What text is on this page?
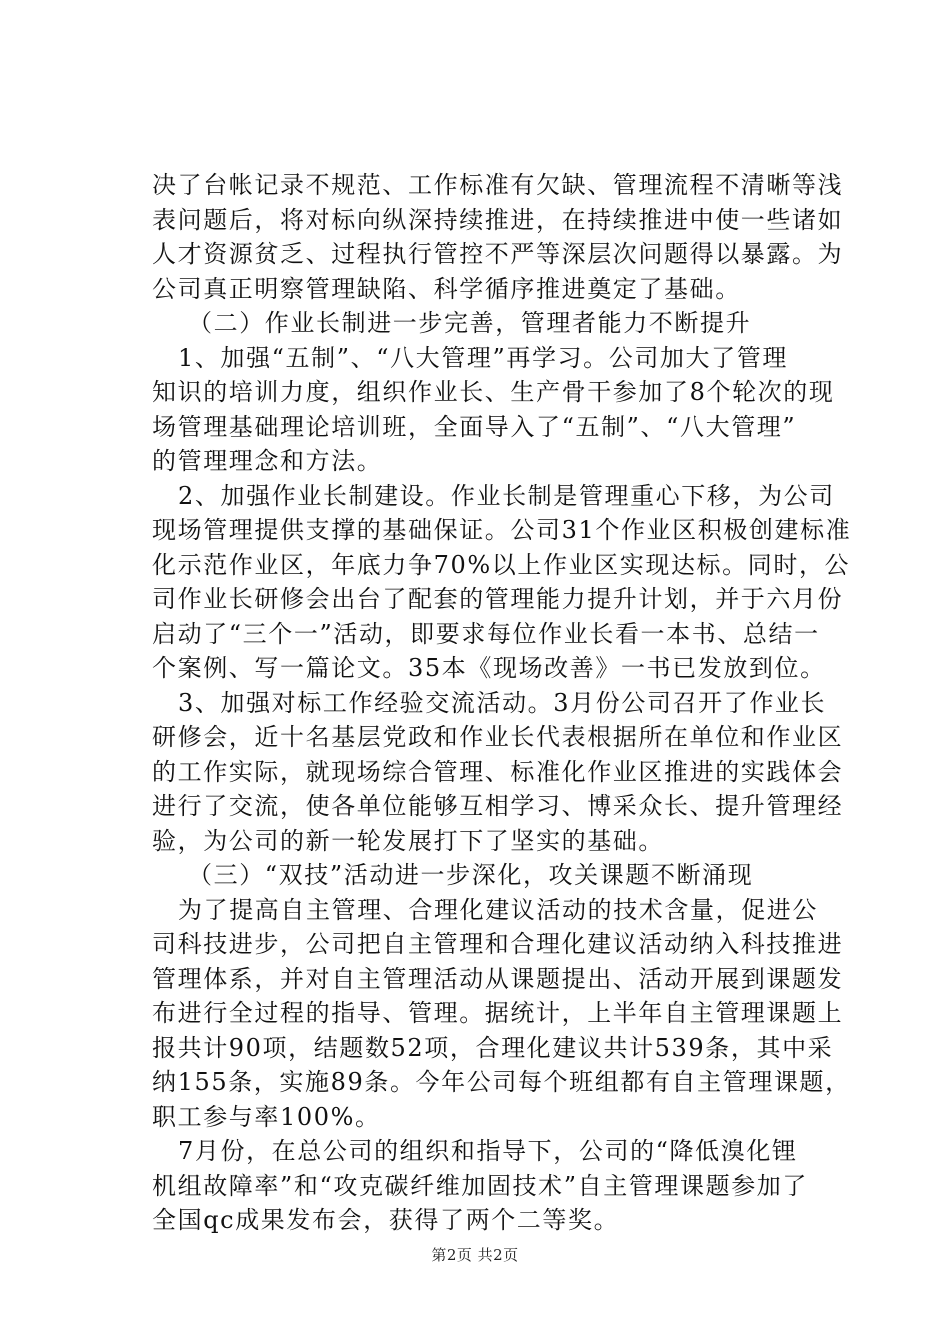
决了台帐记录不规范、工作标准有欠缺、管理流程不清晰等浅
表问题后，将对标向纵深持续推进，在持续推进中使一些诸如
人才资源贫乏、过程执行管控不严等深层次问题得以暴露。为
公司真正明察管理缺陷、科学循序推进奠定了基础。
（二）作业长制进一步完善，管理者能力不断提升
1、加强“五制”、“八大管理”再学习。公司加大了管理
知识的培训力度，组织作业长、生产骨干参加了8个轮次的现
场管理基础理论培训班，全面导入了“五制”、“八大管理”
的管理理念和方法。
2、加强作业长制建设。作业长制是管理重心下移，为公司
现场管理提供支撑的基础保证。公司31个作业区积极创建标准
化示范作业区，年底力争70%以上作业区实现达标。同时，公
司作业长研修会出台了配套的管理能力提升计划，并于六月份
启动了“三个一”活动，即要求每位作业长看一本书、总结一
个案例、写一篇论文。35本《现场改善》一书已发放到位。
3、加强对标工作经验交流活动。3月份公司召开了作业长
研修会，近十名基层党政和作业长代表根据所在单位和作业区
的工作实际，就现场综合管理、标准化作业区推进的实践体会
进行了交流，使各单位能够互相学习、博采众长、提升管理经
验，为公司的新一轮发展打下了坚实的基础。
（三）“双技”活动进一步深化，攻关课题不断涌现
为了提高自主管理、合理化建议活动的技术含量，促进公
司科技进步，公司把自主管理和合理化建议活动纳入科技推进
管理体系，并对自主管理活动从课题提出、活动开展到课题发
布进行全过程的指导、管理。据统计，上半年自主管理课题上
报共计90项，结题数52项，合理化建议共计539条，其中采
纳155条，实施89条。今年公司每个班组都有自主管理课题，
职工参与率100%。
7月份，在总公司的组织和指导下，公司的“降低溴化锂
机组故障率”和“攻克碳纤维加固技术”自主管理课题参加了
全国qc成果发布会，获得了两个二等奖。
第2页 共2页
